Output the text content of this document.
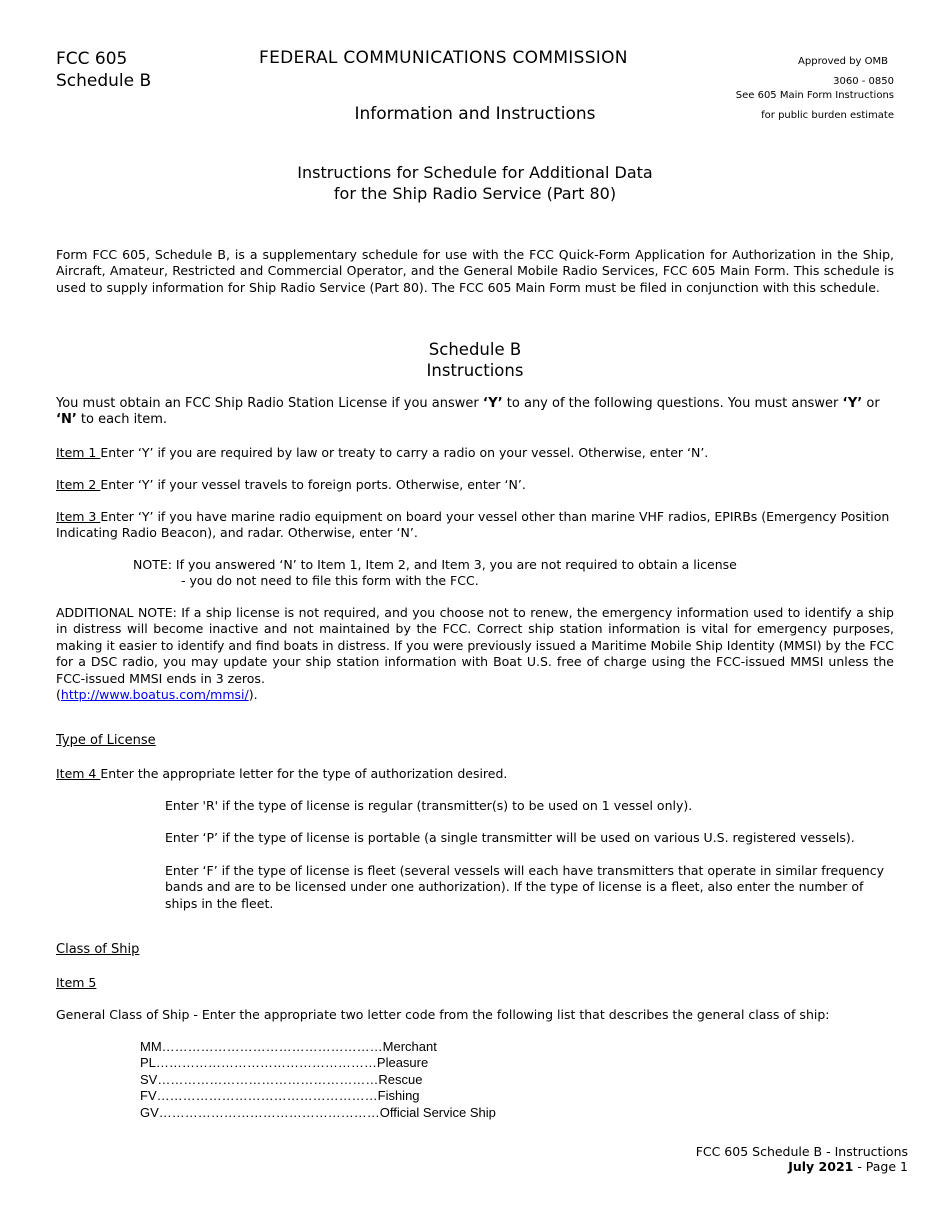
FCC 605
Schedule B
FEDERAL COMMUNICATIONS COMMISSION	Approved by OMB
3060 - 0850
See 605 Main Form Instructions
for public burden estimate
Information and Instructions
Instructions for Schedule for Additional Data
for the Ship Radio Service (Part 80)
Form FCC 605, Schedule B, is a supplementary schedule for use with the FCC Quick-Form Application for Authorization in the Ship, Aircraft, Amateur, Restricted and Commercial Operator, and the General Mobile Radio Services, FCC 605 Main Form. This schedule is used to supply information for Ship Radio Service (Part 80). The FCC 605 Main Form must be filed in conjunction with this schedule.
Schedule B
Instructions
You must obtain an FCC Ship Radio Station License if you answer ‘Y’ to any of the following questions. You must answer ‘Y’ or ‘N’ to each item.
Item 1 Enter ‘Y’ if you are required by law or treaty to carry a radio on your vessel. Otherwise, enter ‘N’.
Item 2 Enter ‘Y’ if your vessel travels to foreign ports. Otherwise, enter ‘N’.
Item 3 Enter ‘Y’ if you have marine radio equipment on board your vessel other than marine VHF radios, EPIRBs (Emergency Position Indicating Radio Beacon), and radar. Otherwise, enter ‘N’.
NOTE: If you answered ‘N’ to Item 1, Item 2, and Item 3, you are not required to obtain a license
- you do not need to file this form with the FCC.
ADDITIONAL NOTE: If a ship license is not required, and you choose not to renew, the emergency information used to identify a ship in distress will become inactive and not maintained by the FCC. Correct ship station information is vital for emergency purposes, making it easier to identify and find boats in distress. If you were previously issued a Maritime Mobile Ship Identity (MMSI) by the FCC for a DSC radio, you may update your ship station information with Boat U.S. free of charge using the FCC-issued MMSI unless the FCC-issued MMSI ends in 3 zeros.
(http://www.boatus.com/mmsi/).
Type of License
Item 4 Enter the appropriate letter for the type of authorization desired.
Enter 'R' if the type of license is regular (transmitter(s) to be used on 1 vessel only).
Enter ‘P’ if the type of license is portable (a single transmitter will be used on various U.S. registered vessels).
Enter ‘F’ if the type of license is fleet (several vessels will each have transmitters that operate in similar frequency bands and are to be licensed under one authorization). If the type of license is a fleet, also enter the number of ships in the fleet.
Class of Ship
Item 5
General Class of Ship - Enter the appropriate two letter code from the following list that describes the general class of ship:
MM …………………………………………… Merchant
PL …………………………………………… Pleasure
SV …………………………………………… Rescue
FV …………………………………………… Fishing
GV …………………………………………… Official Service Ship
FCC 605 Schedule B - Instructions
July 2021 - Page 1
